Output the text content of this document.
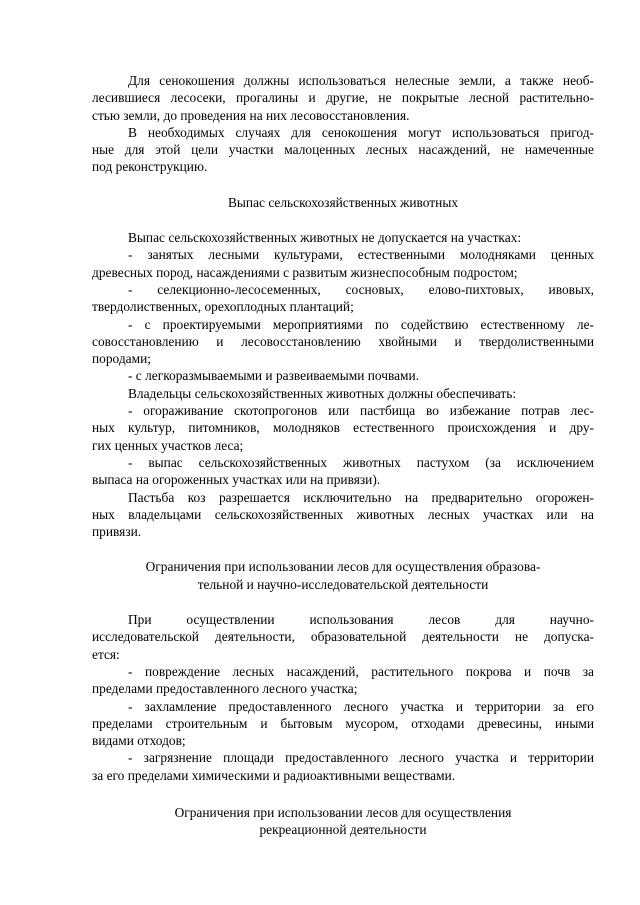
Для сенокошения должны использоваться нелесные земли, а также необ-

лесившиеся лесосеки, прогалины и другие, не покрытые лесной растительно-

стью земли, до проведения на них лесовосстановления.

В необходимых случаях для сенокошения могут использоваться пригод-

ные для этой цели участки малоценных лесных насаждений, не намеченные

под реконструкцию.

Выпас сельскохозяйственных животных

Выпас сельскохозяйственных животных не допускается на участках:

- занятых лесными культурами, естественными молодняками ценных

древесных пород, насаждениями с развитым жизнеспособным подростом;

- селекционно-лесосеменных, сосновых, елово-пихтовых, ивовых,

твердолиственных, орехоплодных плантаций;

- с проектируемыми мероприятиями по содействию естественному ле-

совосстановлению и лесовосстановлению хвойными и твердолиственными

породами;

- с легкоразмываемыми и развеиваемыми почвами.

Владельцы сельскохозяйственных животных должны обеспечивать:

- огораживание скотопрогонов или пастбища во избежание потрав лес-

ных культур, питомников, молодняков естественного происхождения и дру-

гих ценных участков леса;

- выпас сельскохозяйственных животных пастухом (за исключением

выпаса на огороженных участках или на привязи).

Пастьба коз разрешается исключительно на предварительно огорожен-

ных владельцами сельскохозяйственных животных лесных участках или на

привязи.

Ограничения при использовании лесов для осуществления образова-

тельной и научно-исследовательской деятельности

При осуществлении использования лесов для научно-

исследовательской деятельности, образовательной деятельности не допуска-

ется:

- повреждение лесных насаждений, растительного покрова и почв за

пределами предоставленного лесного участка;

- захламление предоставленного лесного участка и территории за его

пределами строительным и бытовым мусором, отходами древесины, иными

видами отходов;

- загрязнение площади предоставленного лесного участка и территории

за его пределами химическими и радиоактивными веществами.

Ограничения при использовании лесов для осуществления

рекреационной деятельности
